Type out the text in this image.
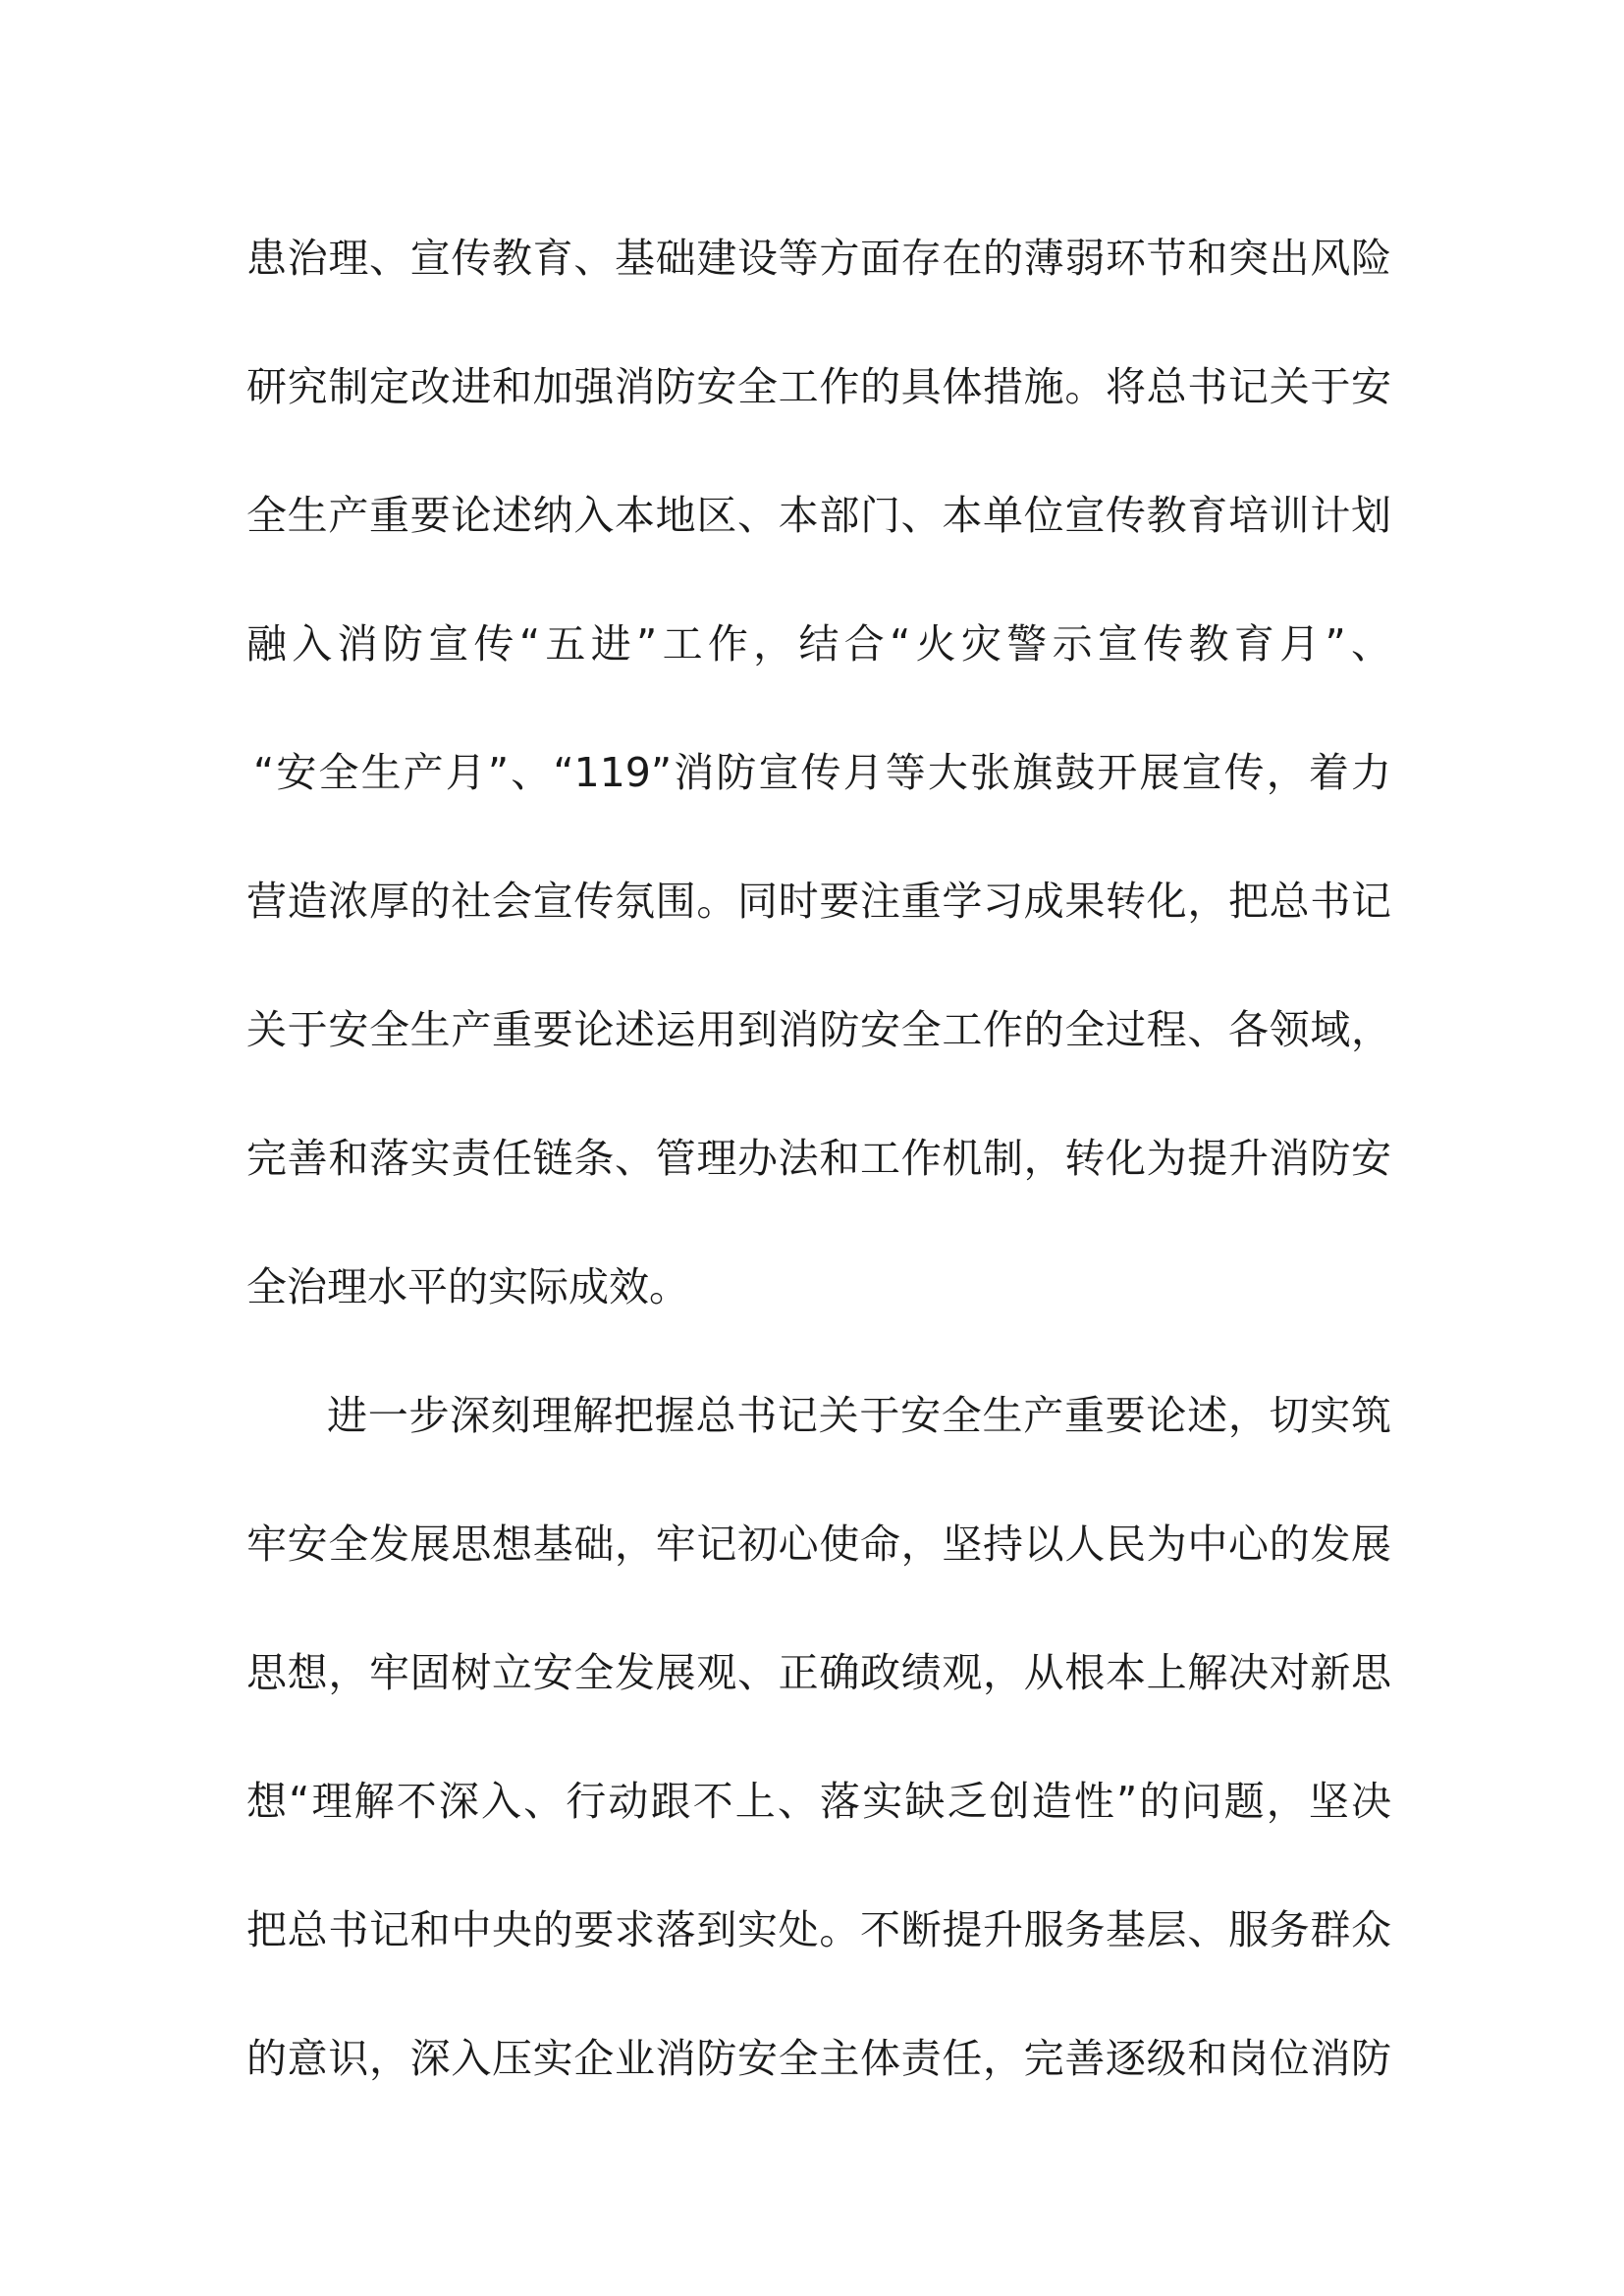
患治理、宣传教育、基础建设等方面存在的薄弱环节和突出风险
研究制定改进和加强消防安全工作的具体措施。将总书记关于安
全生产重要论述纳入本地区、本部门、本单位宣传教育培训计划
融入消防宣传“五进”工作，结合“火灾警示宣传教育月”、
“安全生产月”、“119”消防宣传月等大张旗鼓开展宣传，着力
营造浓厚的社会宣传氛围。同时要注重学习成果转化，把总书记
关于安全生产重要论述运用到消防安全工作的全过程、各领域，
完善和落实责任链条、管理办法和工作机制，转化为提升消防安
全治理水平的实际成效。
进一步深刻理解把握总书记关于安全生产重要论述，切实筑
牢安全发展思想基础，牢记初心使命，坚持以人民为中心的发展
思想，牢固树立安全发展观、正确政绩观，从根本上解决对新思
想“理解不深入、行动跟不上、落实缺乏创造性”的问题，坚决
把总书记和中央的要求落到实处。不断提升服务基层、服务群众
的意识，深入压实企业消防安全主体责任，完善逐级和岗位消防
